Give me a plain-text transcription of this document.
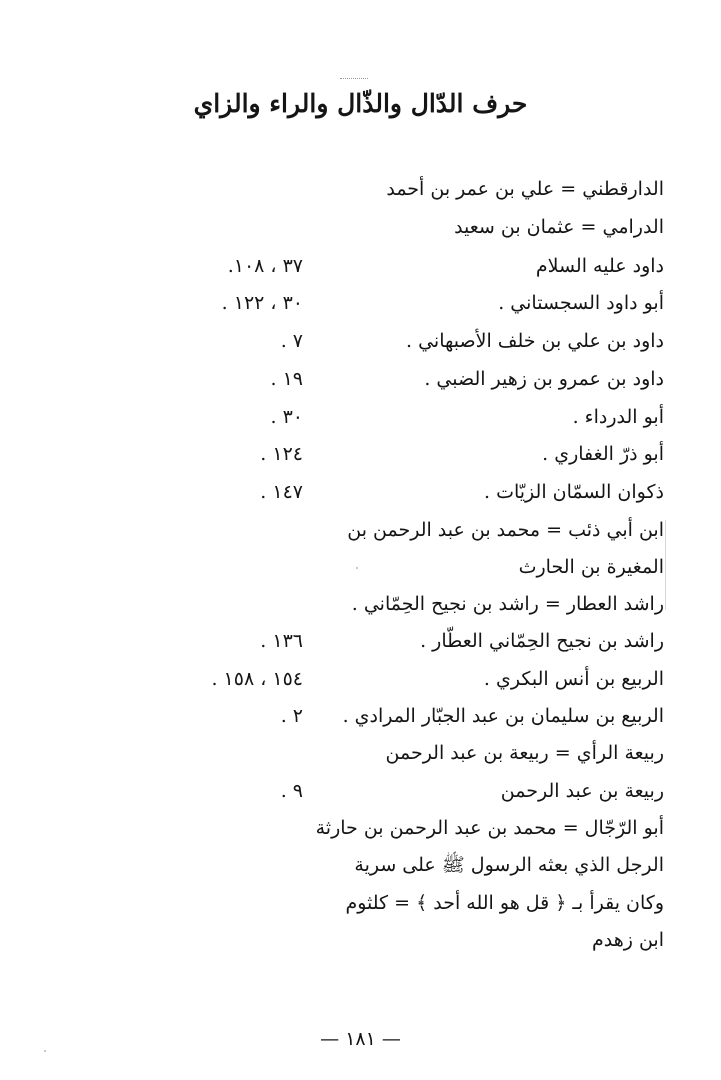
حرف الدّال والذّال والراء والزاي
الدارقطني = علي بن عمر بن أحمد
الدرامي = عثمان بن سعيد
داود عليه السلام
٣٧ ، ١٠٨.
أبو داود السجستاني .
٣٠ ، ١٢٢ .
داود بن علي بن خلف الأصبهاني .
٧ .
داود بن عمرو بن زهير الضبي .
١٩ .
أبو الدرداء .
٣٠ .
أبو ذرّ الغفاري .
١٢٤ .
ذكوان السمّان الزيّات .
١٤٧ .
ابن أبي ذئب = محمد بن عبد الرحمن بن
المغيرة بن الحارث
راشد العطار = راشد بن نجيح الحِمّاني .
راشد بن نجيح الحِمّاني العطّار .
١٣٦ .
الربيع بن أنس البكري .
١٥٤ ، ١٥٨ .
الربيع بن سليمان بن عبد الجبّار المرادي .
٢ .
ربيعة الرأي = ربيعة بن عبد الرحمن
ربيعة بن عبد الرحمن
٩ .
أبو الرّجّال = محمد بن عبد الرحمن بن حارثة
الرجل الذي بعثه الرسول ﷺ على سرية
وكان يقرأ بـ ﴿ قل هو الله أحد ﴾ = كلثوم
ابن زهدم
— ١٨١ —
